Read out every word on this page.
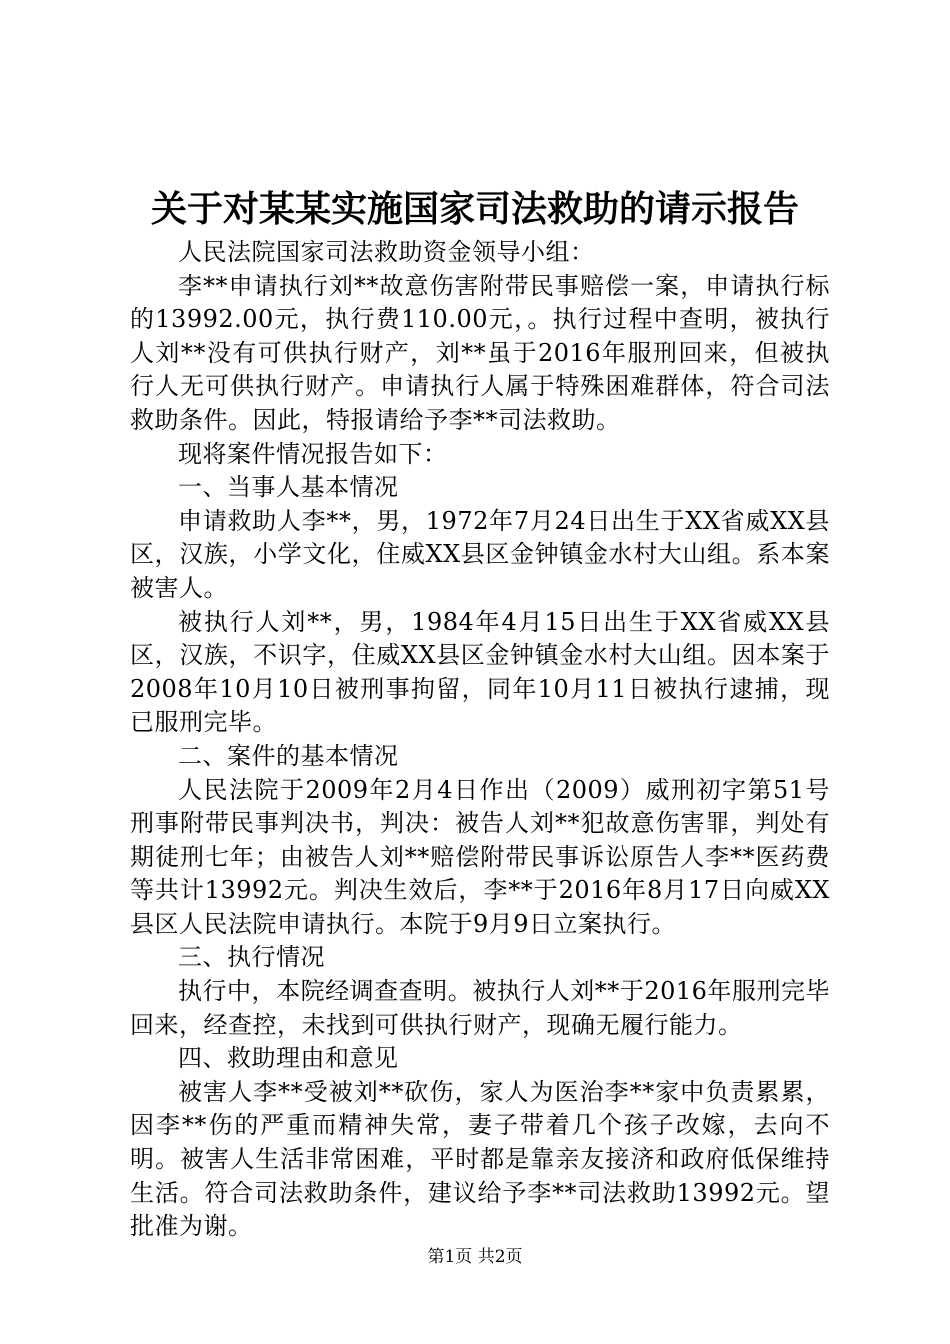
关于对某某实施国家司法救助的请示报告

人民法院国家司法救助资金领导小组：

李**申请执行刘**故意伤害附带民事赔偿一案，申请执行标的13992.00元，执行费110.00元，。执行过程中查明，被执行人刘**没有可供执行财产，刘**虽于2016年服刑回来，但被执行人无可供执行财产。申请执行人属于特殊困难群体，符合司法救助条件。因此，特报请给予李**司法救助。

现将案件情况报告如下：

一、当事人基本情况

申请救助人李**，男，1972年7月24日出生于XX省威XX县区，汉族，小学文化，住威XX县区金钟镇金水村大山组。系本案被害人。

被执行人刘**，男，1984年4月15日出生于XX省威XX县区，汉族，不识字，住威XX县区金钟镇金水村大山组。因本案于2008年10月10日被刑事拘留，同年10月11日被执行逮捕，现已服刑完毕。

二、案件的基本情况

人民法院于2009年2月4日作出（2009）威刑初字第51号刑事附带民事判决书，判决：被告人刘**犯故意伤害罪，判处有期徒刑七年；由被告人刘**赔偿附带民事诉讼原告人李**医药费等共计13992元。判决生效后，李**于2016年8月17日向威XX县区人民法院申请执行。本院于9月9日立案执行。

三、执行情况

执行中，本院经调查查明。被执行人刘**于2016年服刑完毕回来，经查控，未找到可供执行财产，现确无履行能力。

四、救助理由和意见

被害人李**受被刘**砍伤，家人为医治李**家中负责累累，因李**伤的严重而精神失常，妻子带着几个孩子改嫁，去向不明。被害人生活非常困难，平时都是靠亲友接济和政府低保维持生活。符合司法救助条件，建议给予李**司法救助13992元。望批准为谢。

第1页 共2页
